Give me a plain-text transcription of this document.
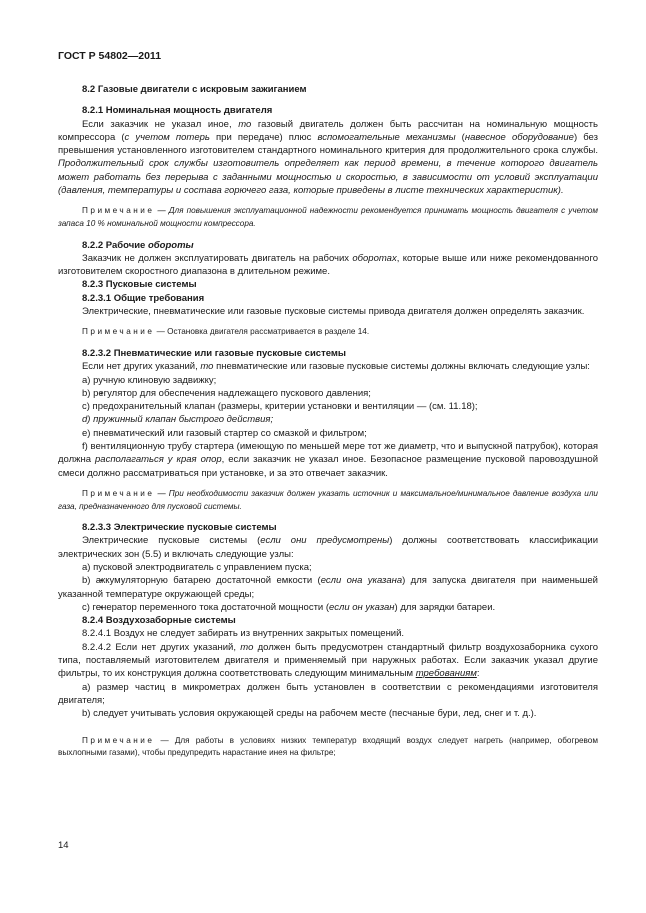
ГОСТ Р 54802—2011

8.2 Газовые двигатели с искровым зажиганием

8.2.1 Номинальная мощность двигателя

Если заказчик не указал иное, то газовый двигатель должен быть рассчитан на номинальную мощность компрессора (с учетом потерь при передаче) плюс вспомогательные механизмы (навесное оборудование) без превышения установленного изготовителем стандартного номинального критерия для продолжительного срока службы. Продолжительный срок службы изготовитель определяет как период времени, в течение которого двигатель может работать без перерыва с заданными мощностью и скоростью, в зависимости от условий эксплуатации (давления, температуры и состава горючего газа, которые приведены в листе технических характеристик).

Примечание — Для повышения эксплуатационной надежности рекомендуется принимать мощность двигателя с учетом запаса 10 % номинальной мощности компрессора.

8.2.2 Рабочие обороты

Заказчик не должен эксплуатировать двигатель на рабочих оборотах, которые выше или ниже рекомендованного изготовителем скоростного диапазона в длительном режиме.

8.2.3 Пусковые системы

8.2.3.1 Общие требования

Электрические, пневматические или газовые пусковые системы привода двигателя должен определять заказчик.

Примечание — Остановка двигателя рассматривается в разделе 14.

8.2.3.2 Пневматические или газовые пусковые системы

Если нет других указаний, то пневматические или газовые пусковые системы должны включать следующие узлы:

а) ручную клиновую задвижку;

• b) регулятор для обеспечения надлежащего пускового давления;

c) предохранительный клапан (размеры, критерии установки и вентиляции — (см. 11.18);

d) пружинный клапан быстрого действия;

e) пневматический или газовый стартер со смазкой и фильтром;

f) вентиляционную трубу стартера (имеющую по меньшей мере тот же диаметр, что и выпускной патрубок), которая должна располагаться у края опор, если заказчик не указал иное. Безопасное размещение пусковой паровоздушной смеси должно рассматриваться при установке, и за это отвечает заказчик.

Примечание — При необходимости заказчик должен указать источник и максимальное/минимальное давление воздуха или газа, предназначенного для пусковой системы.

8.2.3.3 Электрические пусковые системы

Электрические пусковые системы (если они предусмотрены) должны соответствовать классификации электрических зон (5.5) и включать следующие узлы:

а) пусковой электродвигатель с управлением пуска;

• b) аккумуляторную батарею достаточной емкости (если она указана) для запуска двигателя при наименьшей указанной температуре окружающей среды;

• c) генератор переменного тока достаточной мощности (если он указан) для зарядки батареи.

8.2.4 Воздухозаборные системы

8.2.4.1 Воздух не следует забирать из внутренних закрытых помещений.

8.2.4.2 Если нет других указаний, то должен быть предусмотрен стандартный фильтр воздухозаборника сухого типа, поставляемый изготовителем двигателя и применяемый при наружных работах. Если заказчик указал другие фильтры, то их конструкция должна соответствовать следующим минимальным требованиям:

а) размер частиц в микрометрах должен быть установлен в соответствии с рекомендациями изготовителя двигателя;

b) следует учитывать условия окружающей среды на рабочем месте (песчаные бури, лед, снег и т. д.).

Примечание — Для работы в условиях низких температур входящий воздух следует нагреть (например, обогревом выхлопными газами), чтобы предупредить нарастание инея на фильтре;

14
